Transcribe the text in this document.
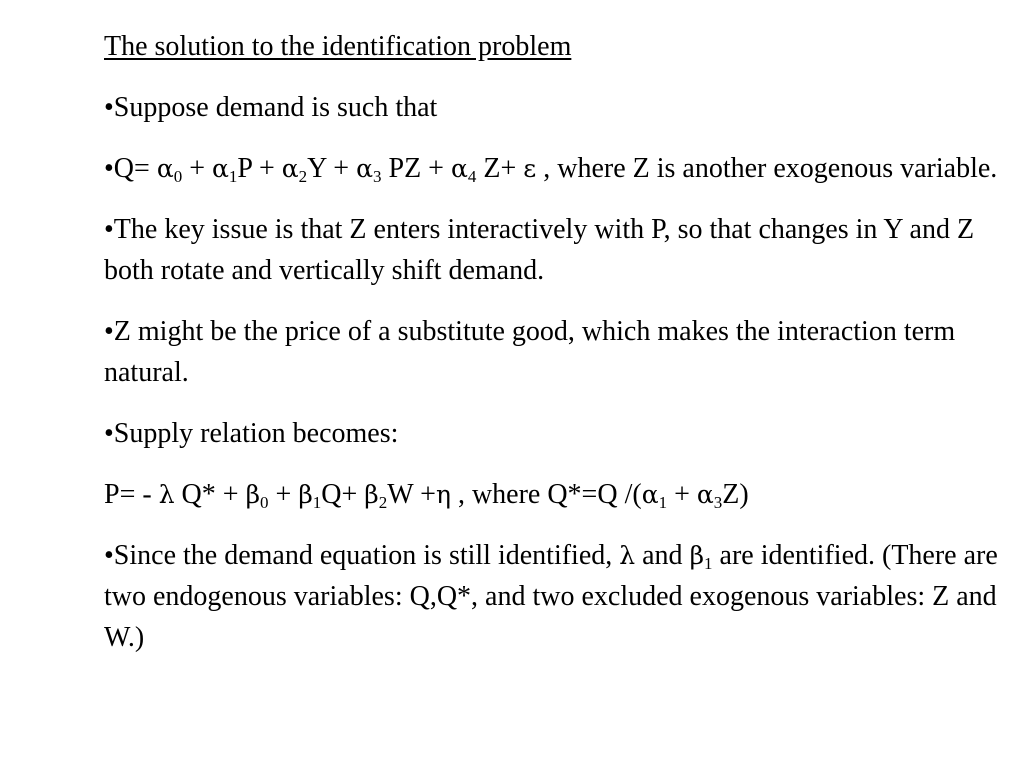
The solution to the identification problem
•Suppose demand is such that
•Q= $\alpha_0 + \alpha_1P + \alpha_2Y + \alpha_3$ PZ + $\alpha_4$ Z+ ε , where Z is another exogenous variable.
•The key issue is that Z enters interactively with P, so that changes in Y and Z both rotate and vertically shift demand.
•Z might be the price of a substitute good, which makes the interaction term natural.
•Supply relation becomes:
P= - λ $Q* + \beta_0 + \beta_1Q+ \beta_2W +\eta$ , where Q*=Q $/(\alpha_1 + \alpha_3Z)$
•Since the demand equation is still identified, λ and $\beta_1$ are identified. (There are two endogenous variables: Q,Q*, and two excluded exogenous variables: Z and W.)
